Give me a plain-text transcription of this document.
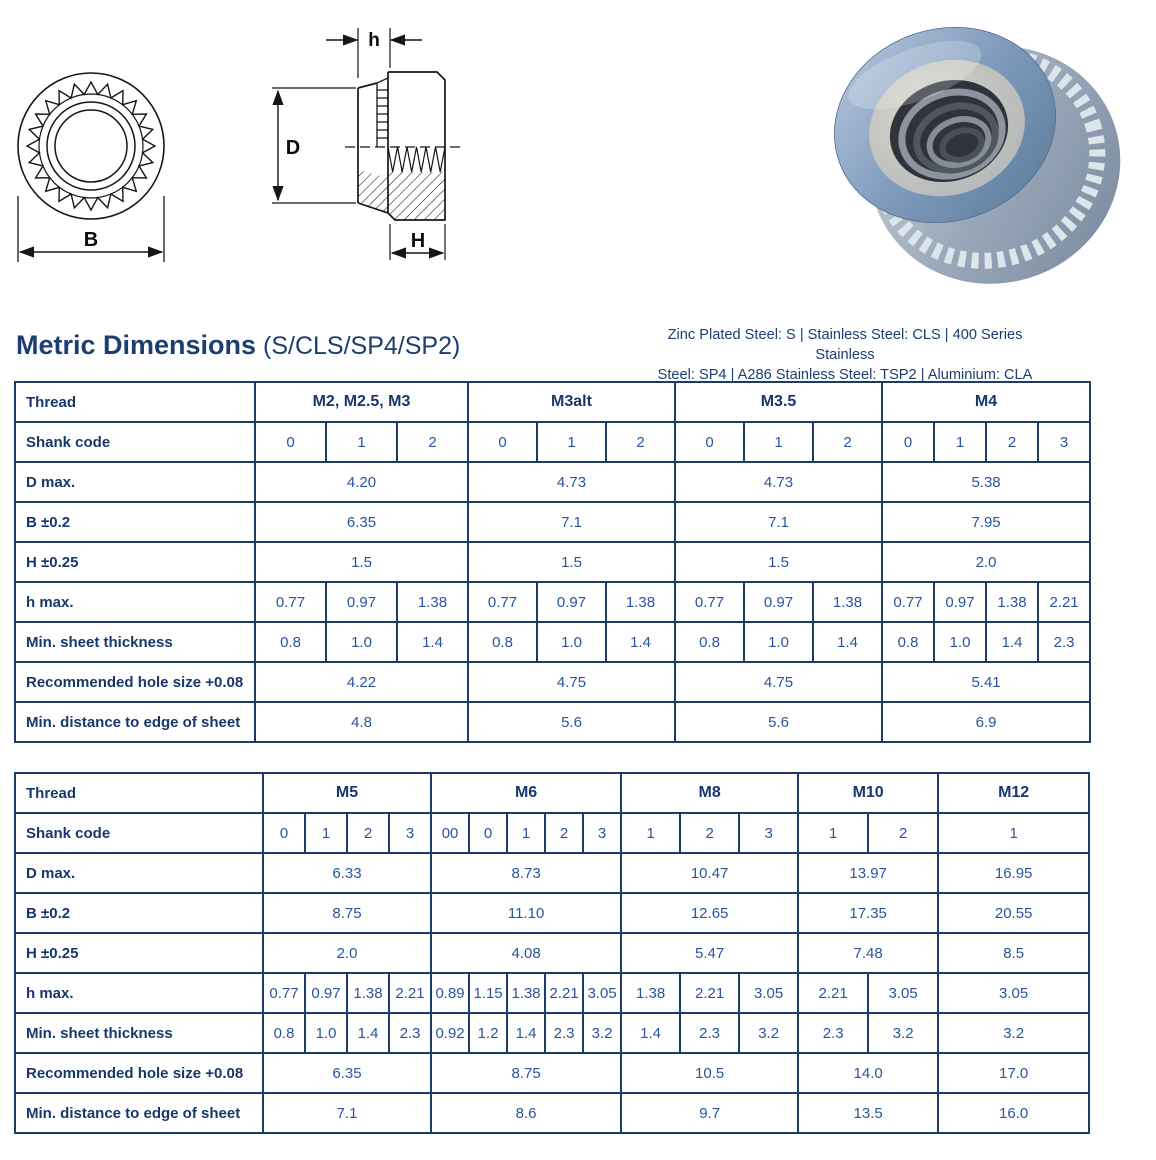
B
D
h
H
Metric Dimensions (S/CLS/SP4/SP2)	Zinc Plated Steel: S | Stainless Steel: CLS | 400 Series Stainless
Steel: SP4 | A286 Stainless Steel: TSP2 | Aluminium: CLA
Thread	M2, M2.5, M3			M3alt			M3.5			M4			
Shank code	0	1	2	0	1	2	0	1	2	0	1	2	3
D max.	4.20			4.73			4.73			5.38			
B ±0.2	6.35			7.1			7.1			7.95			
H ±0.25	1.5			1.5			1.5			2.0			
h max.	0.77	0.97	1.38	0.77	0.97	1.38	0.77	0.97	1.38	0.77	0.97	1.38	2.21
Min. sheet thickness	0.8	1.0	1.4	0.8	1.0	1.4	0.8	1.0	1.4	0.8	1.0	1.4	2.3
Recommended hole size +0.08	4.22			4.75			4.75			5.41			
Min. distance to edge of sheet	4.8			5.6			5.6			6.9			
Thread	M5				M6					M8			M10		M12
Shank code	0	1	2	3	00	0	1	2	3	1	2	3	1	2	1
D max.	6.33				8.73					10.47			13.97		16.95
B ±0.2	8.75				11.10					12.65			17.35		20.55
H ±0.25	2.0				4.08					5.47			7.48		8.5
h max.	0.77	0.97	1.38	2.21	0.89	1.15	1.38	2.21	3.05	1.38	2.21	3.05	2.21	3.05	3.05
Min. sheet thickness	0.8	1.0	1.4	2.3	0.92	1.2	1.4	2.3	3.2	1.4	2.3	3.2	2.3	3.2	3.2
Recommended hole size +0.08	6.35				8.75					10.5			14.0		17.0
Min. distance to edge of sheet	7.1				8.6					9.7			13.5		16.0
